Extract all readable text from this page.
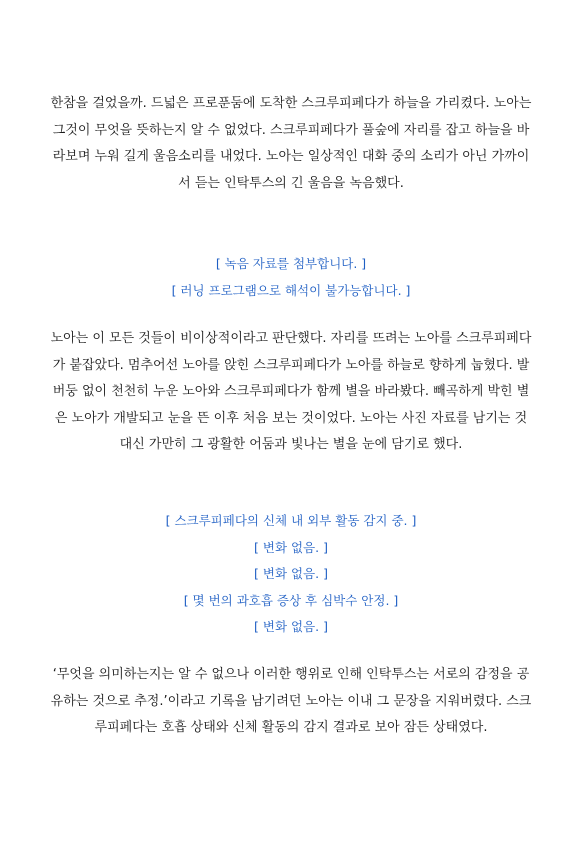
한참을 걸었을까. 드넓은 프로푼둠에 도착한 스크루피페다가 하늘을 가리켰다. 노아는 그것이 무엇을 뜻하는지 알 수 없었다. 스크루피페다가 풀숲에 자리를 잡고 하늘을 바라보며 누워 길게 울음소리를 내었다. 노아는 일상적인 대화 중의 소리가 아닌 가까이서 듣는 인탁투스의 긴 울음을 녹음했다.

[ 녹음 자료를 첨부합니다. ]
[ 러닝 프로그램으로 해석이 불가능합니다. ]

노아는 이 모든 것들이 비이상적이라고 판단했다. 자리를 뜨려는 노아를 스크루피페다가 붙잡았다. 멈추어선 노아를 앉힌 스크루피페다가 노아를 하늘로 향하게 눕혔다. 발버둥 없이 천천히 누운 노아와 스크루피페다가 함께 별을 바라봤다. 빼곡하게 박힌 별은 노아가 개발되고 눈을 뜬 이후 처음 보는 것이었다. 노아는 사진 자료를 남기는 것 대신 가만히 그 광활한 어둠과 빛나는 별을 눈에 담기로 했다.

[ 스크루피페다의 신체 내 외부 활동 감지 중. ]
[ 변화 없음. ]
[ 변화 없음. ]
[ 몇 번의 과호흡 증상 후 심박수 안정. ]
[ 변화 없음. ]

‘무엇을 의미하는지는 알 수 없으나 이러한 행위로 인해 인탁투스는 서로의 감정을 공유하는 것으로 추정.’이라고 기록을 남기려던 노아는 이내 그 문장을 지워버렸다. 스크루피페다는 호흡 상태와 신체 활동의 감지 결과로 보아 잠든 상태였다.
